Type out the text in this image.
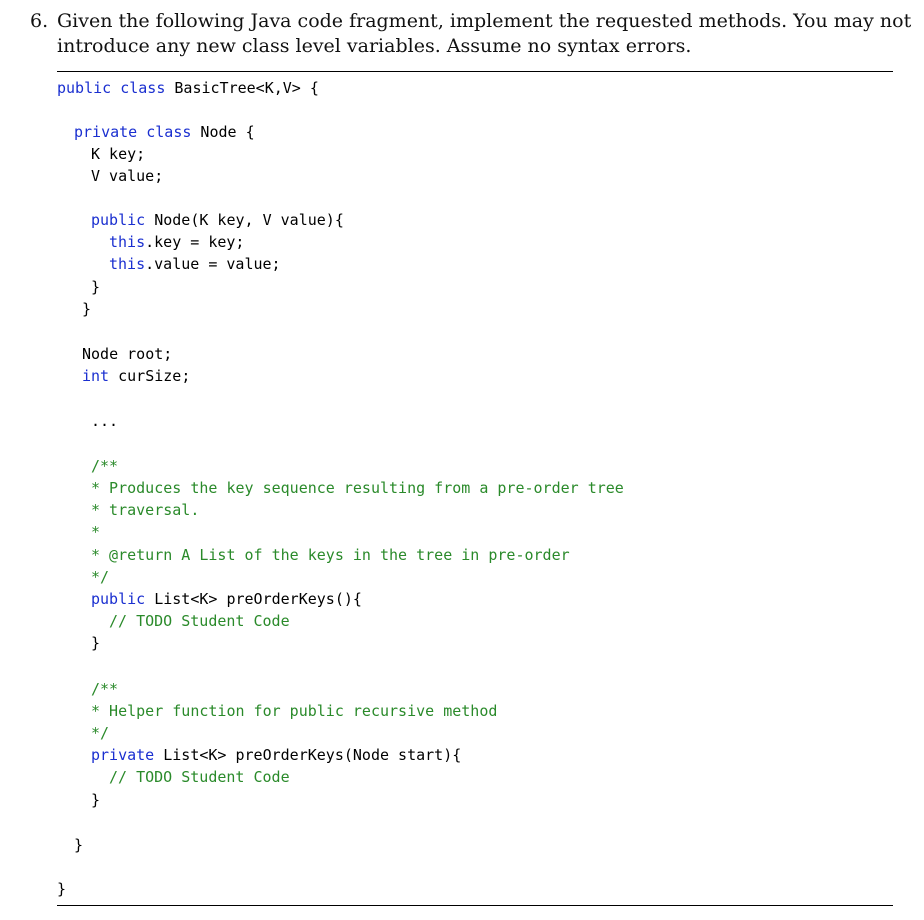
6. Given the following Java code fragment, implement the requested methods. You may not
introduce any new class level variables. Assume no syntax errors.
public class BasicTree<K,V> {
private class Node {
K key;
V value;
public Node(K key, V value){
this.key = key;
this.value = value;
}
}
Node root;
int curSize;
...
/**
* Produces the key sequence resulting from a pre-order tree
* traversal.
*
* @return A List of the keys in the tree in pre-order
*/
public List<K> preOrderKeys(){
// TODO Student Code
}
/**
* Helper function for public recursive method
*/
private List<K> preOrderKeys(Node start){
// TODO Student Code
}
}
}
